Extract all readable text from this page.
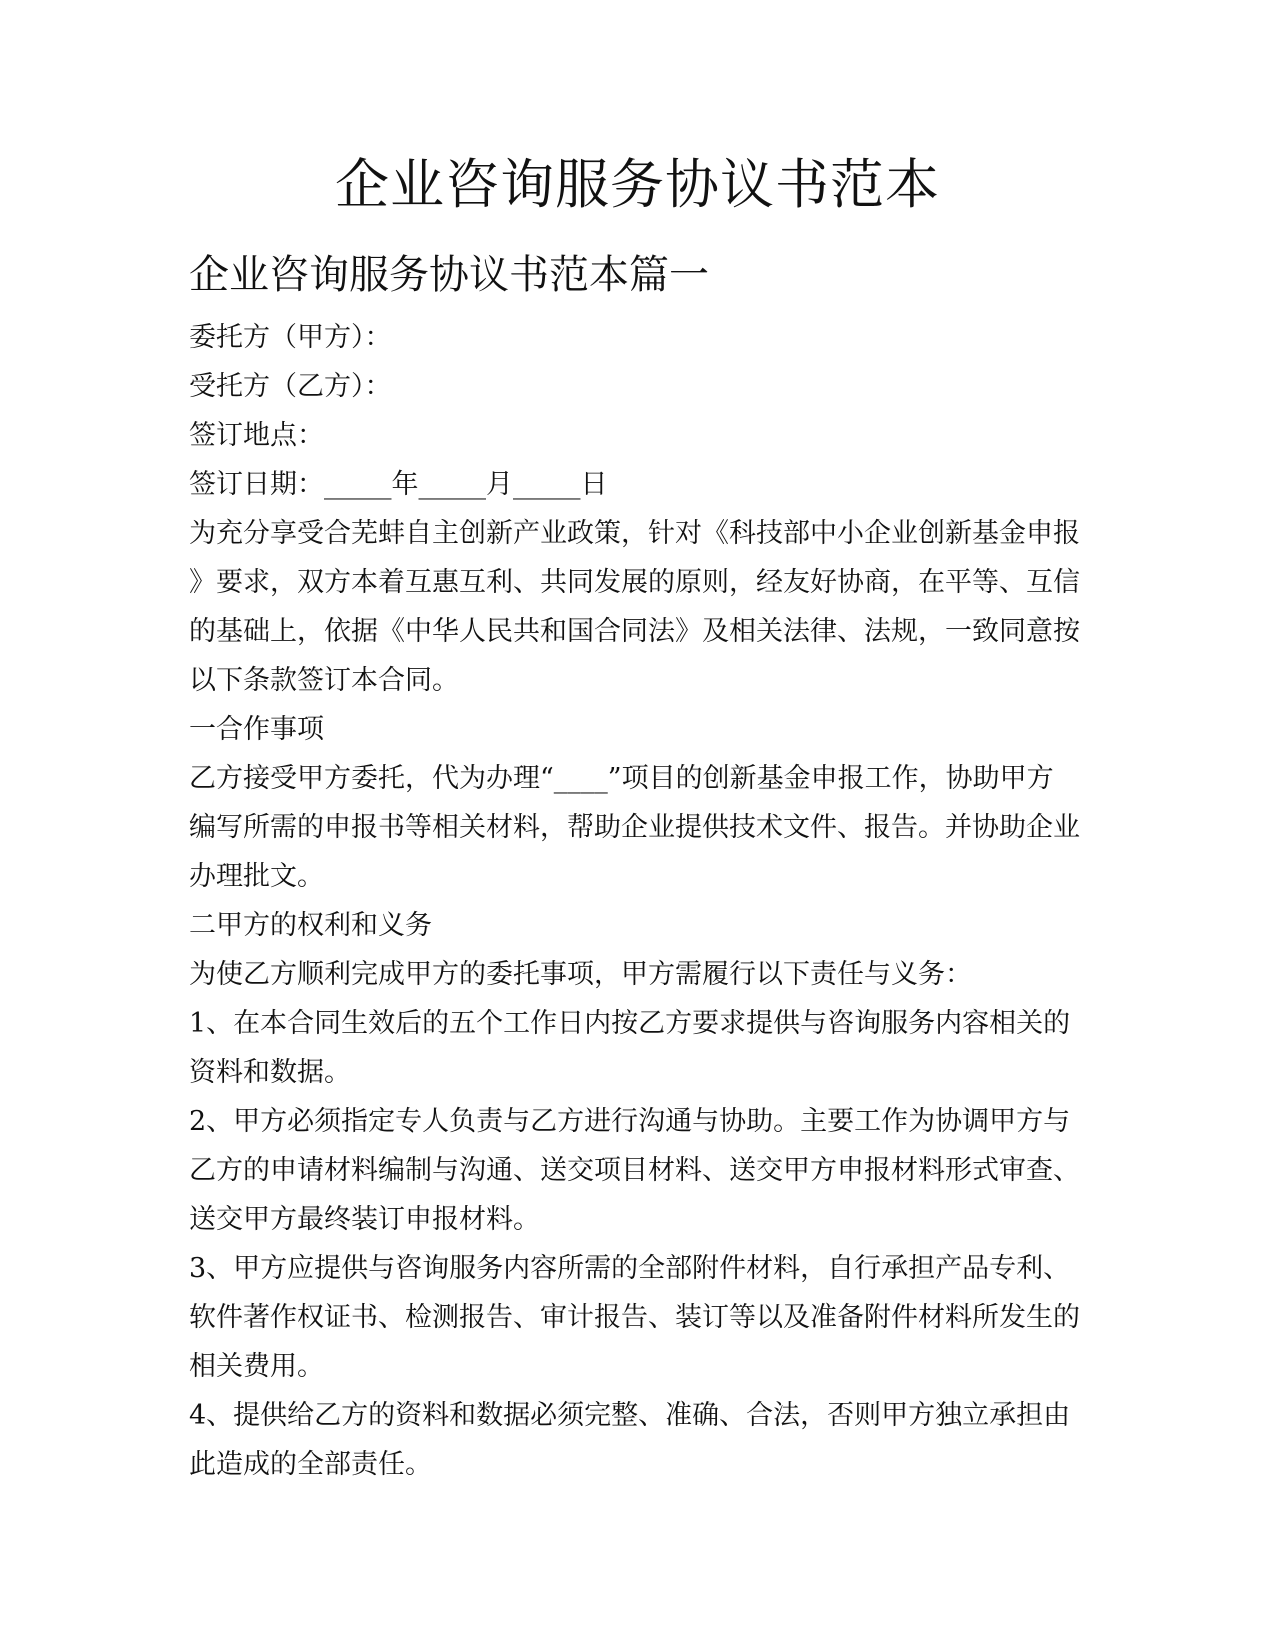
企业咨询服务协议书范本
企业咨询服务协议书范本篇一

委托方（甲方）：

受托方（乙方）：

签订地点：

签订日期：_____年_____月_____日

为充分享受合芜蚌自主创新产业政策，针对《科技部中小企业创新基金申报

》要求，双方本着互惠互利、共同发展的原则，经友好协商，在平等、互信

的基础上，依据《中华人民共和国合同法》及相关法律、法规，一致同意按

以下条款签订本合同。

一合作事项

乙方接受甲方委托，代为办理“____”项目的创新基金申报工作，协助甲方

编写所需的申报书等相关材料，帮助企业提供技术文件、报告。并协助企业

办理批文。

二甲方的权利和义务

为使乙方顺利完成甲方的委托事项，甲方需履行以下责任与义务：

1、在本合同生效后的五个工作日内按乙方要求提供与咨询服务内容相关的

资料和数据。

2、甲方必须指定专人负责与乙方进行沟通与协助。主要工作为协调甲方与

乙方的申请材料编制与沟通、送交项目材料、送交甲方申报材料形式审查、

送交甲方最终装订申报材料。

3、甲方应提供与咨询服务内容所需的全部附件材料，自行承担产品专利、

软件著作权证书、检测报告、审计报告、装订等以及准备附件材料所发生的

相关费用。

4、提供给乙方的资料和数据必须完整、准确、合法，否则甲方独立承担由

此造成的全部责任。
